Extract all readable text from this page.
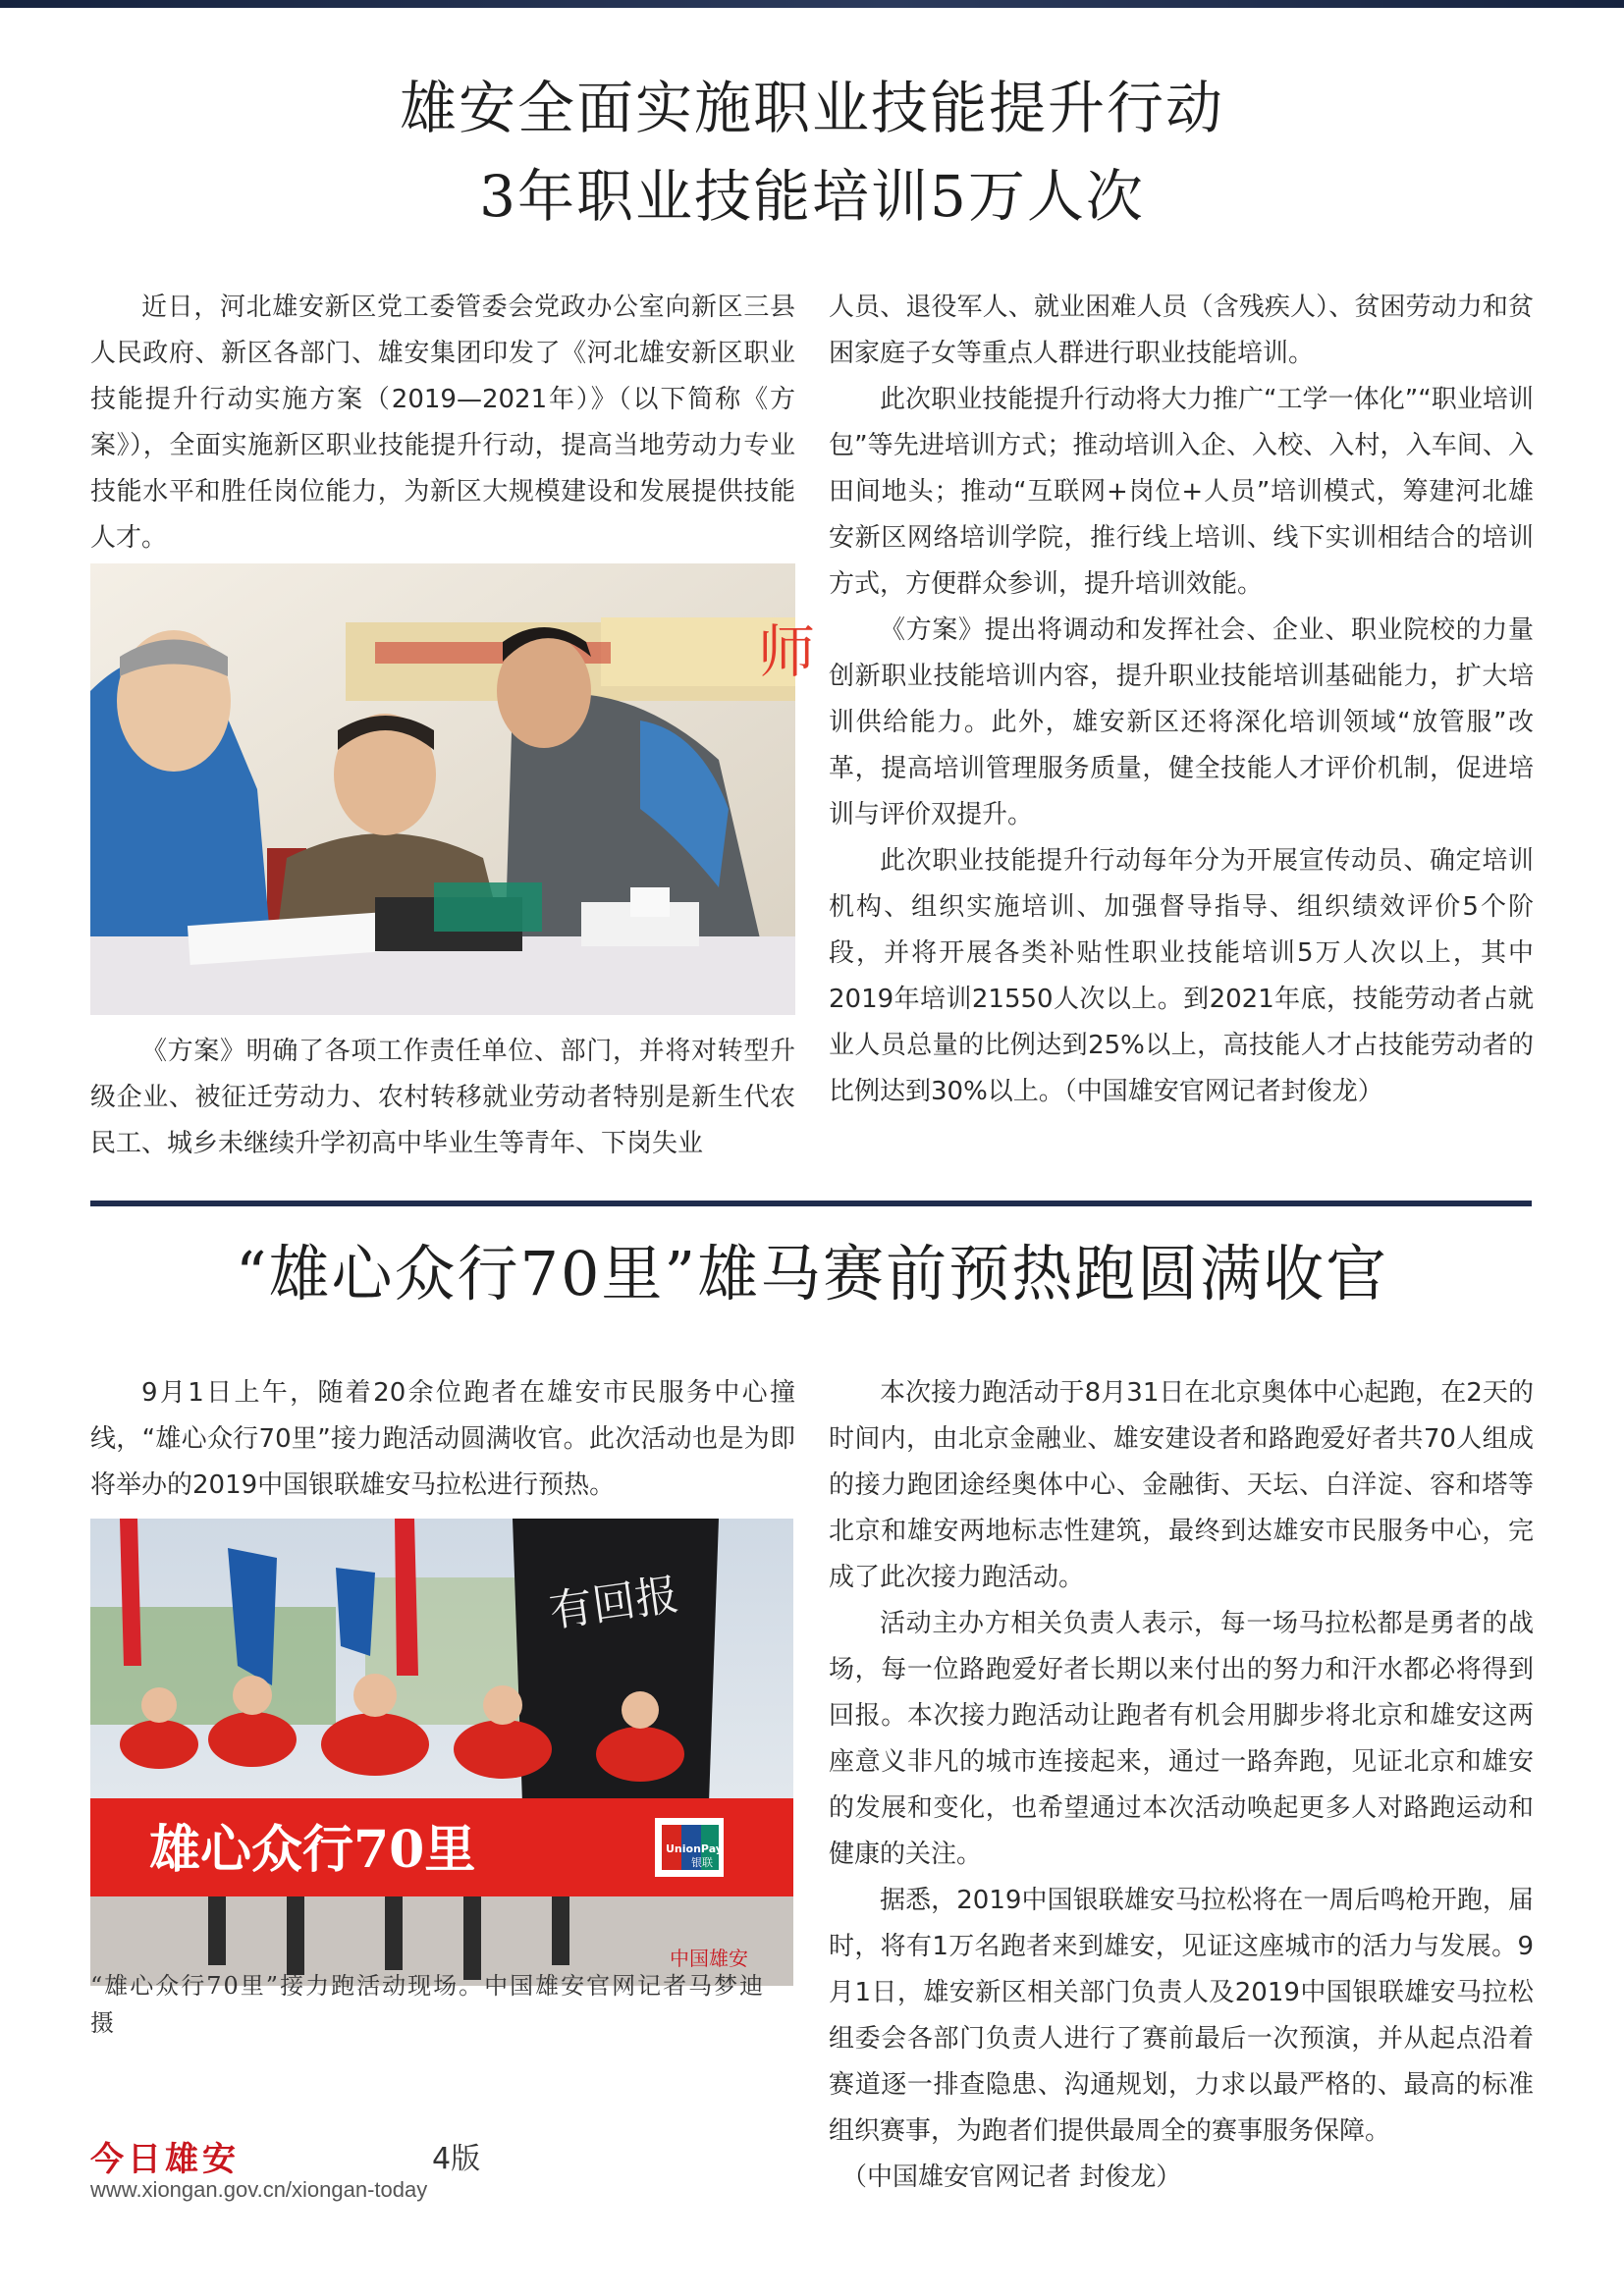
雄安全面实施职业技能提升行动
3年职业技能培训5万人次

近日，河北雄安新区党工委管委会党政办公室向新区三县人民政府、新区各部门、雄安集团印发了《河北雄安新区职业技能提升行动实施方案（2019—2021年）》（以下简称《方案》），全面实施新区职业技能提升行动，提高当地劳动力专业技能水平和胜任岗位能力，为新区大规模建设和发展提供技能人才。

师

《方案》明确了各项工作责任单位、部门，并将对转型升级企业、被征迁劳动力、农村转移就业劳动者特别是新生代农民工、城乡未继续升学初高中毕业生等青年、下岗失业

人员、退役军人、就业困难人员（含残疾人）、贫困劳动力和贫困家庭子女等重点人群进行职业技能培训。

此次职业技能提升行动将大力推广“工学一体化”“职业培训包”等先进培训方式；推动培训入企、入校、入村，入车间、入田间地头；推动“互联网+岗位+人员”培训模式，筹建河北雄安新区网络培训学院，推行线上培训、线下实训相结合的培训方式，方便群众参训，提升培训效能。

《方案》提出将调动和发挥社会、企业、职业院校的力量创新职业技能培训内容，提升职业技能培训基础能力，扩大培训供给能力。此外，雄安新区还将深化培训领域“放管服”改革，提高培训管理服务质量，健全技能人才评价机制，促进培训与评价双提升。

此次职业技能提升行动每年分为开展宣传动员、确定培训机构、组织实施培训、加强督导指导、组织绩效评价5个阶段，并将开展各类补贴性职业技能培训5万人次以上，其中2019年培训21550人次以上。到2021年底，技能劳动者占就业人员总量的比例达到25%以上，高技能人才占技能劳动者的比例达到30%以上。（中国雄安官网记者封俊龙）

“雄心众行70里”雄马赛前预热跑圆满收官

9月1日上午，随着20余位跑者在雄安市民服务中心撞线，“雄心众行70里”接力跑活动圆满收官。此次活动也是为即将举办的2019中国银联雄安马拉松进行预热。

有回报
雄心众行70里	UnionPay
银联
中国雄安
“雄心众行70里”接力跑活动现场。中国雄安官网记者马梦迪 摄

本次接力跑活动于8月31日在北京奥体中心起跑，在2天的时间内，由北京金融业、雄安建设者和路跑爱好者共70人组成的接力跑团途经奥体中心、金融街、天坛、白洋淀、容和塔等北京和雄安两地标志性建筑，最终到达雄安市民服务中心，完成了此次接力跑活动。

活动主办方相关负责人表示，每一场马拉松都是勇者的战场，每一位路跑爱好者长期以来付出的努力和汗水都必将得到回报。本次接力跑活动让跑者有机会用脚步将北京和雄安这两座意义非凡的城市连接起来，通过一路奔跑，见证北京和雄安的发展和变化，也希望通过本次活动唤起更多人对路跑运动和健康的关注。

据悉，2019中国银联雄安马拉松将在一周后鸣枪开跑，届时，将有1万名跑者来到雄安，见证这座城市的活力与发展。9月1日，雄安新区相关部门负责人及2019中国银联雄安马拉松组委会各部门负责人进行了赛前最后一次预演，并从起点沿着赛道逐一排查隐患、沟通规划，力求以最严格的、最高的标准组织赛事，为跑者们提供最周全的赛事服务保障。

（中国雄安官网记者 封俊龙）

今日雄安	4版
www.xiongan.gov.cn/xiongan-today
